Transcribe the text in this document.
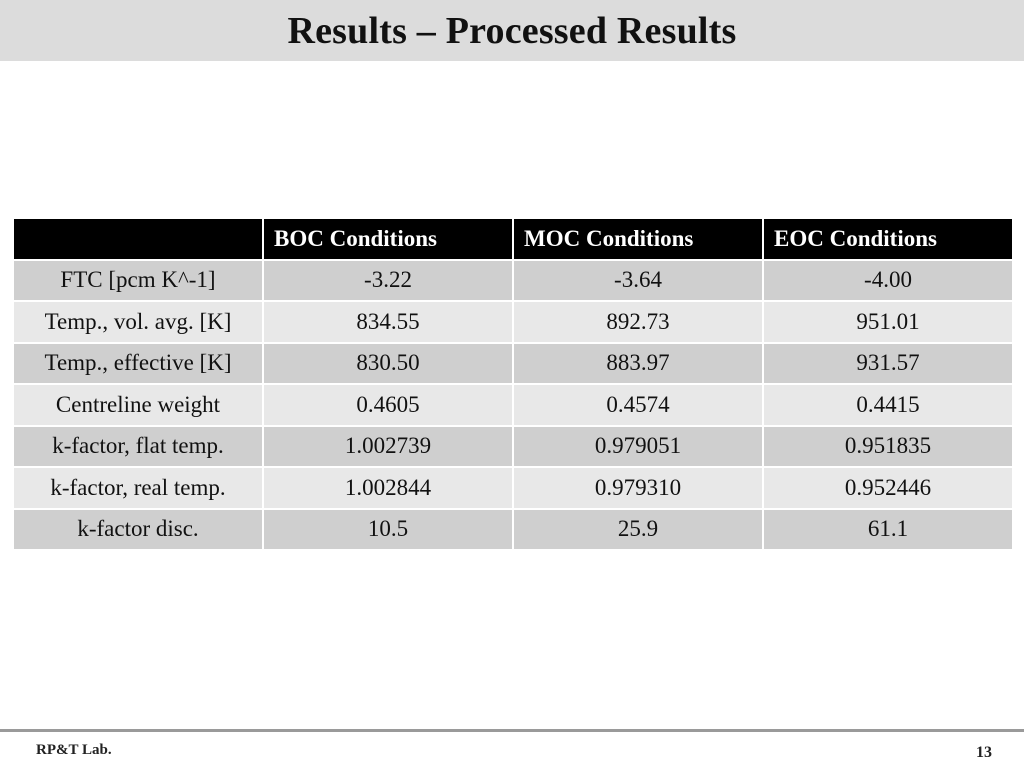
Results – Processed Results
	BOC Conditions	MOC Conditions	EOC Conditions
FTC [pcm K^-1]	-3.22	-3.64	-4.00
Temp., vol. avg. [K]	834.55	892.73	951.01
Temp., effective [K]	830.50	883.97	931.57
Centreline weight	0.4605	0.4574	0.4415
k-factor, flat temp.	1.002739	0.979051	0.951835
k-factor, real temp.	1.002844	0.979310	0.952446
k-factor disc.	10.5	25.9	61.1
RP&T Lab.	13
